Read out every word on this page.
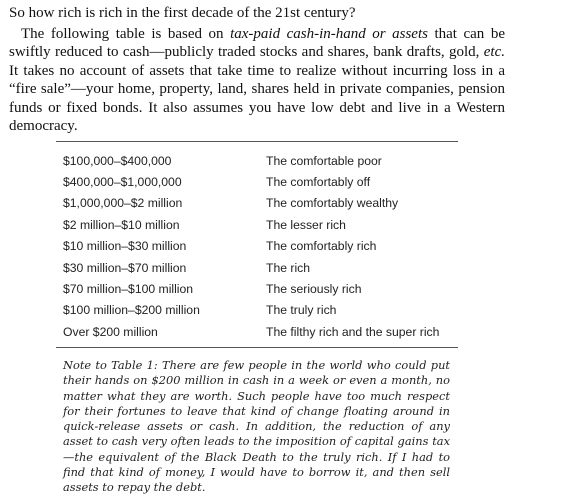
So how rich is rich in the first decade of the 21st century?

The following table is based on tax-paid cash-in-hand or assets that can be swiftly reduced to cash—publicly traded stocks and shares, bank drafts, gold, etc. It takes no account of assets that take time to realize without incurring loss in a “fire sale”—your home, property, land, shares held in private companies, pension funds or fixed bonds. It also assumes you have low debt and live in a Western democracy.

$100,000–$400,000	The comfortable poor
$400,000–$1,000,000	The comfortably off
$1,000,000–$2 million	The comfortably wealthy
$2 million–$10 million	The lesser rich
$10 million–$30 million	The comfortably rich
$30 million–$70 million	The rich
$70 million–$100 million	The seriously rich
$100 million–$200 million	The truly rich
Over $200 million	The filthy rich and the super rich

Note to Table 1: There are few people in the world who could put their hands on $200 million in cash in a week or even a month, no matter what they are worth. Such people have too much respect for their fortunes to leave that kind of change floating around in quick-release assets or cash. In addition, the reduction of any asset to cash very often leads to the imposition of capital gains tax—the equivalent of the Black Death to the truly rich. If I had to find that kind of money, I would have to borrow it, and then sell assets to repay the debt.
